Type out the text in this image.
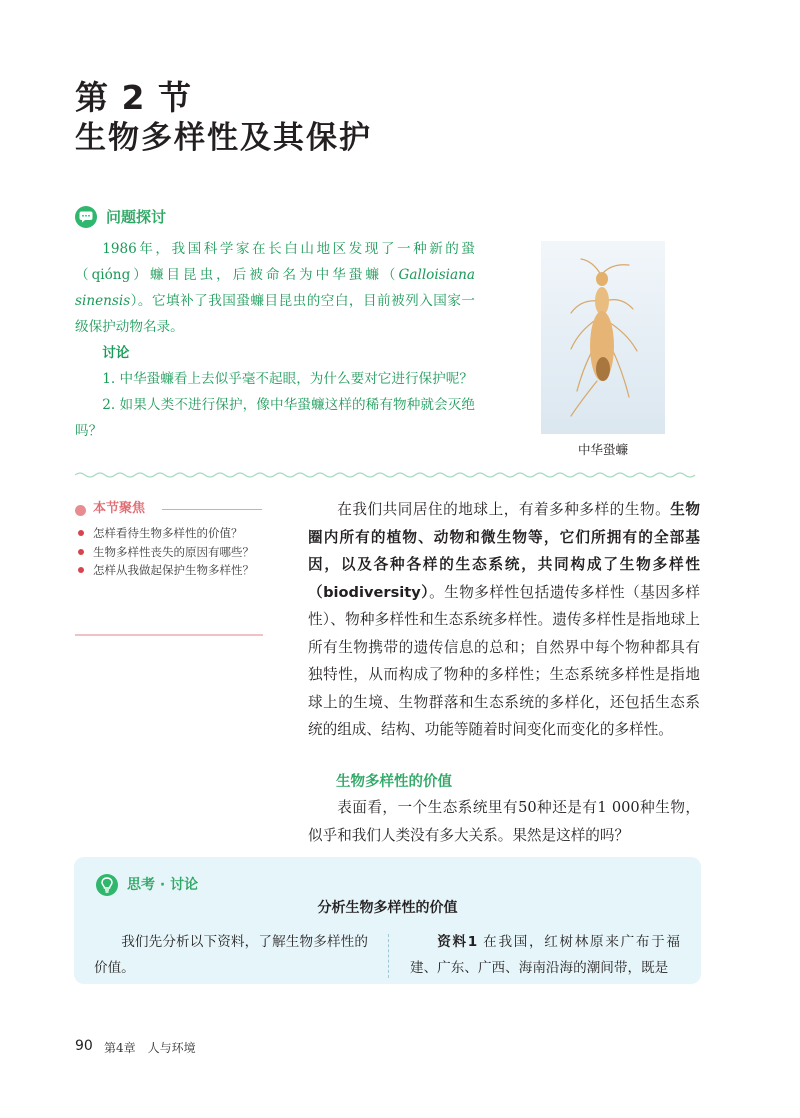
第 2 节
生物多样性及其保护
问题探讨

1986年，我国科学家在长白山地区发现了一种新的蛩（qióng）蠊目昆虫，后被命名为中华蛩蠊（Galloisiana sinensis）。它填补了我国蛩蠊目昆虫的空白，目前被列入国家一级保护动物名录。

讨论

1. 中华蛩蠊看上去似乎毫不起眼，为什么要对它进行保护呢？

2. 如果人类不进行保护，像中华蛩蠊这样的稀有物种就会灭绝吗？

中华蛩蠊
本节聚焦
怎样看待生物多样性的价值？
生物多样性丧失的原因有哪些？
怎样从我做起保护生物多样性？

在我们共同居住的地球上，有着多种多样的生物。生物圈内所有的植物、动物和微生物等，它们所拥有的全部基因，以及各种各样的生态系统，共同构成了生物多样性（biodiversity）。生物多样性包括遗传多样性（基因多样性）、物种多样性和生态系统多样性。遗传多样性是指地球上所有生物携带的遗传信息的总和；自然界中每个物种都具有独特性，从而构成了物种的多样性；生态系统多样性是指地球上的生境、生物群落和生态系统的多样化，还包括生态系统的组成、结构、功能等随着时间变化而变化的多样性。

生物多样性的价值

表面看，一个生态系统里有50种还是有1 000种生物，似乎和我们人类没有多大关系。果然是这样的吗？

思考 · 讨论
分析生物多样性的价值

我们先分析以下资料，了解生物多样性的价值。

资料1 在我国，红树林原来广布于福建、广东、广西、海南沿海的潮间带，既是

90 第4章　人与环境
